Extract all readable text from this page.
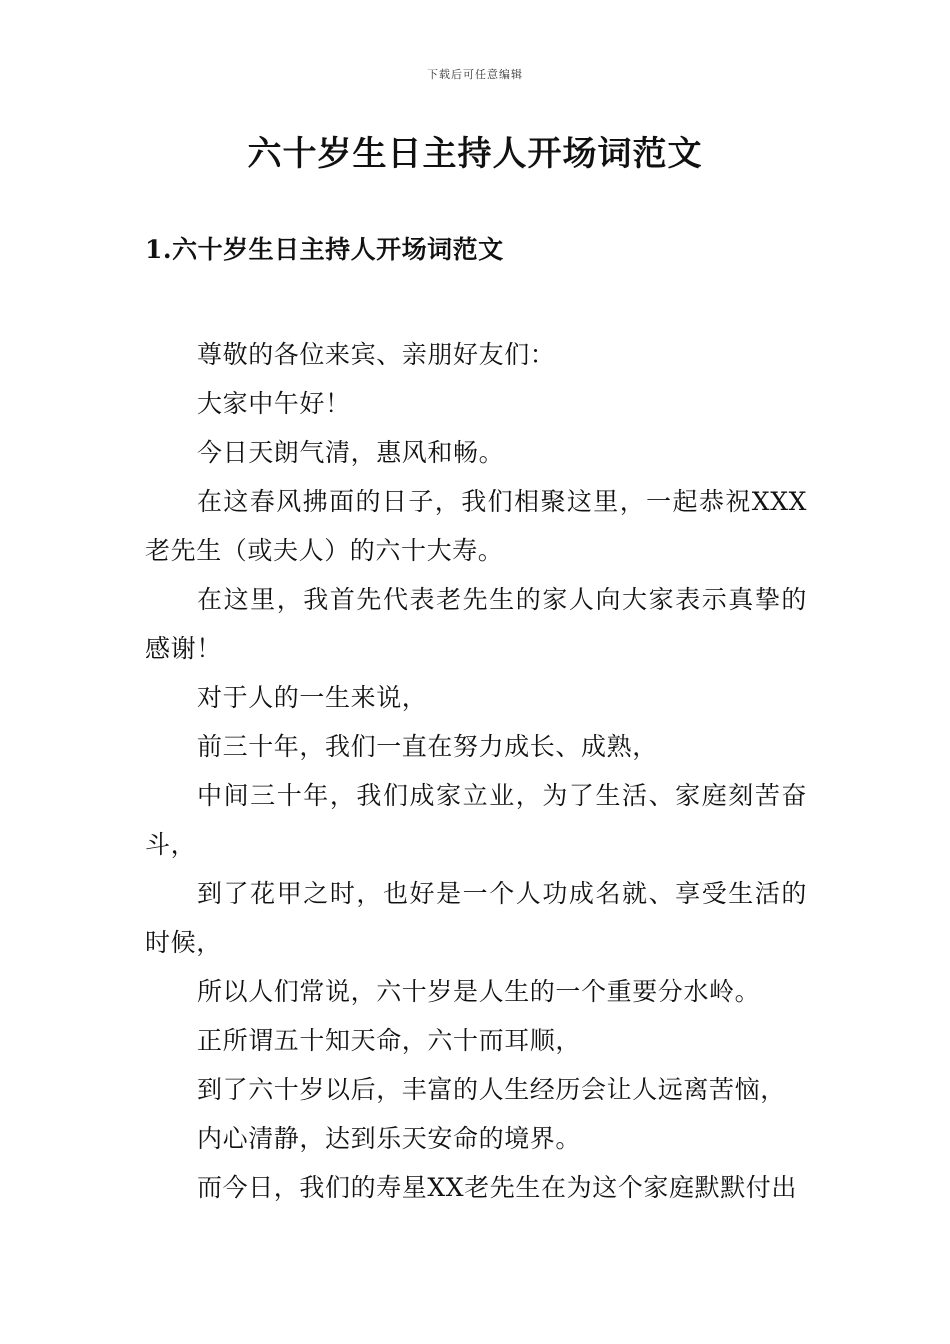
下载后可任意编辑
六十岁生日主持人开场词范文
1.六十岁生日主持人开场词范文

尊敬的各位来宾、亲朋好友们：

大家中午好！

今日天朗气清，惠风和畅。

在这春风拂面的日子，我们相聚这里，一起恭祝XXX老先生（或夫人）的六十大寿。

在这里，我首先代表老先生的家人向大家表示真挚的感谢！

对于人的一生来说，

前三十年，我们一直在努力成长、成熟，

中间三十年，我们成家立业，为了生活、家庭刻苦奋斗，

到了花甲之时，也好是一个人功成名就、享受生活的时候，

所以人们常说，六十岁是人生的一个重要分水岭。

正所谓五十知天命，六十而耳顺，

到了六十岁以后，丰富的人生经历会让人远离苦恼，

内心清静，达到乐天安命的境界。

而今日，我们的寿星XX老先生在为这个家庭默默付出
